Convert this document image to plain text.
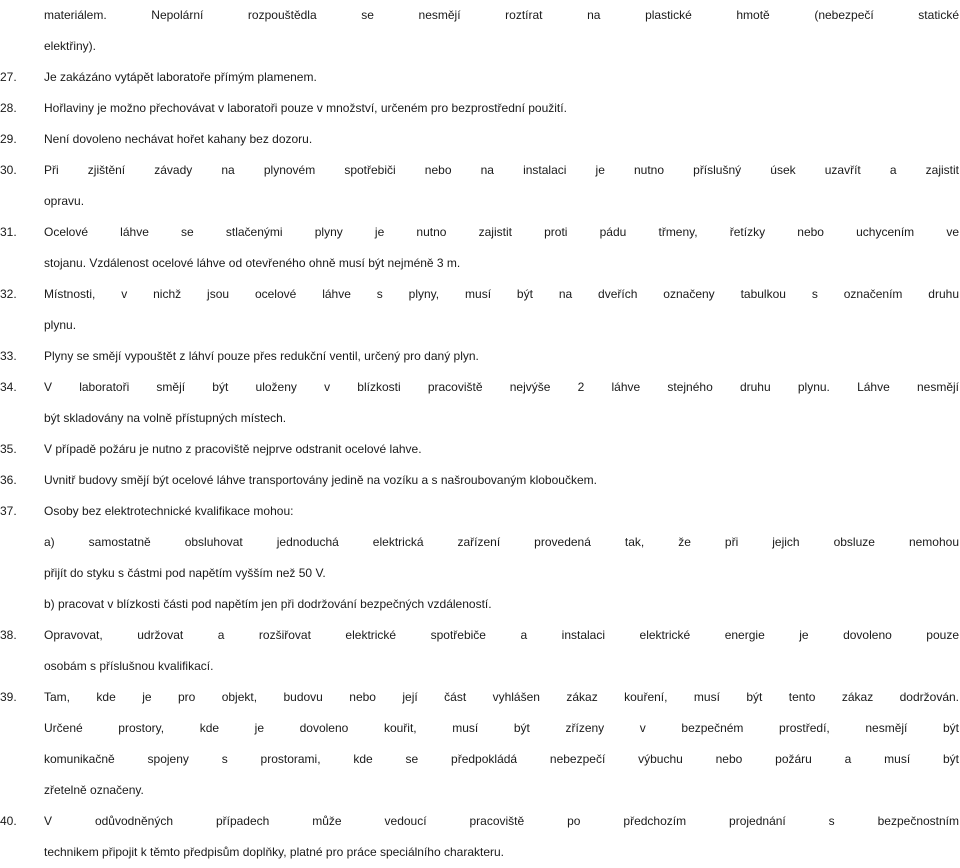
materiálem. Nepolární rozpouštědla se nesmějí roztírat na plastické hmotě (nebezpečí statické
elektřiny).
27.	Je zakázáno vytápět laboratoře přímým plamenem.
28.	Hořlaviny je možno přechovávat v laboratoři pouze v množství, určeném pro bezprostřední použití.
29.	Není dovoleno nechávat hořet kahany bez dozoru.
30.	Při zjištění závady na plynovém spotřebiči nebo na instalaci je nutno příslušný úsek uzavřít a zajistit
opravu.
31.	Ocelové láhve se stlačenými plyny je nutno zajistit proti pádu třmeny, řetízky nebo uchycením ve
stojanu. Vzdálenost ocelové láhve od otevřeného ohně musí být nejméně 3 m.
32.	Místnosti, v nichž jsou ocelové láhve s plyny, musí být na dveřích označeny tabulkou s označením druhu
plynu.
33.	Plyny se smějí vypouštět z láhví pouze přes redukční ventil, určený pro daný plyn.
34.	V laboratoři smějí být uloženy v blízkosti pracoviště nejvýše 2 láhve stejného druhu plynu. Láhve nesmějí
být skladovány na volně přístupných místech.
35.	V případě požáru je nutno z pracoviště nejprve odstranit ocelové lahve.
36.	Uvnitř budovy smějí být ocelové láhve transportovány jedině na vozíku a s našroubovaným kloboučkem.
37.	Osoby bez elektrotechnické kvalifikace mohou:
a) samostatně obsluhovat jednoduchá elektrická zařízení provedená tak, že při jejich obsluze nemohou
přijít do styku s částmi pod napětím vyšším než 50 V.
b) pracovat v blízkosti části pod napětím jen při dodržování bezpečných vzdáleností.
38.	Opravovat, udržovat a rozšiřovat elektrické spotřebiče a instalaci elektrické energie je dovoleno pouze
osobám s příslušnou kvalifikací.
39.	Tam, kde je pro objekt, budovu nebo její část vyhlášen zákaz kouření, musí být tento zákaz dodržován.
Určené prostory, kde je dovoleno kouřit, musí být zřízeny v bezpečném prostředí, nesmějí být
komunikačně spojeny s prostorami, kde se předpokládá nebezpečí výbuchu nebo požáru a musí být
zřetelně označeny.
40.	V odůvodněných případech může vedoucí pracoviště po předchozím projednání s bezpečnostním
technikem připojit k těmto předpisům doplňky, platné pro práce speciálního charakteru.
